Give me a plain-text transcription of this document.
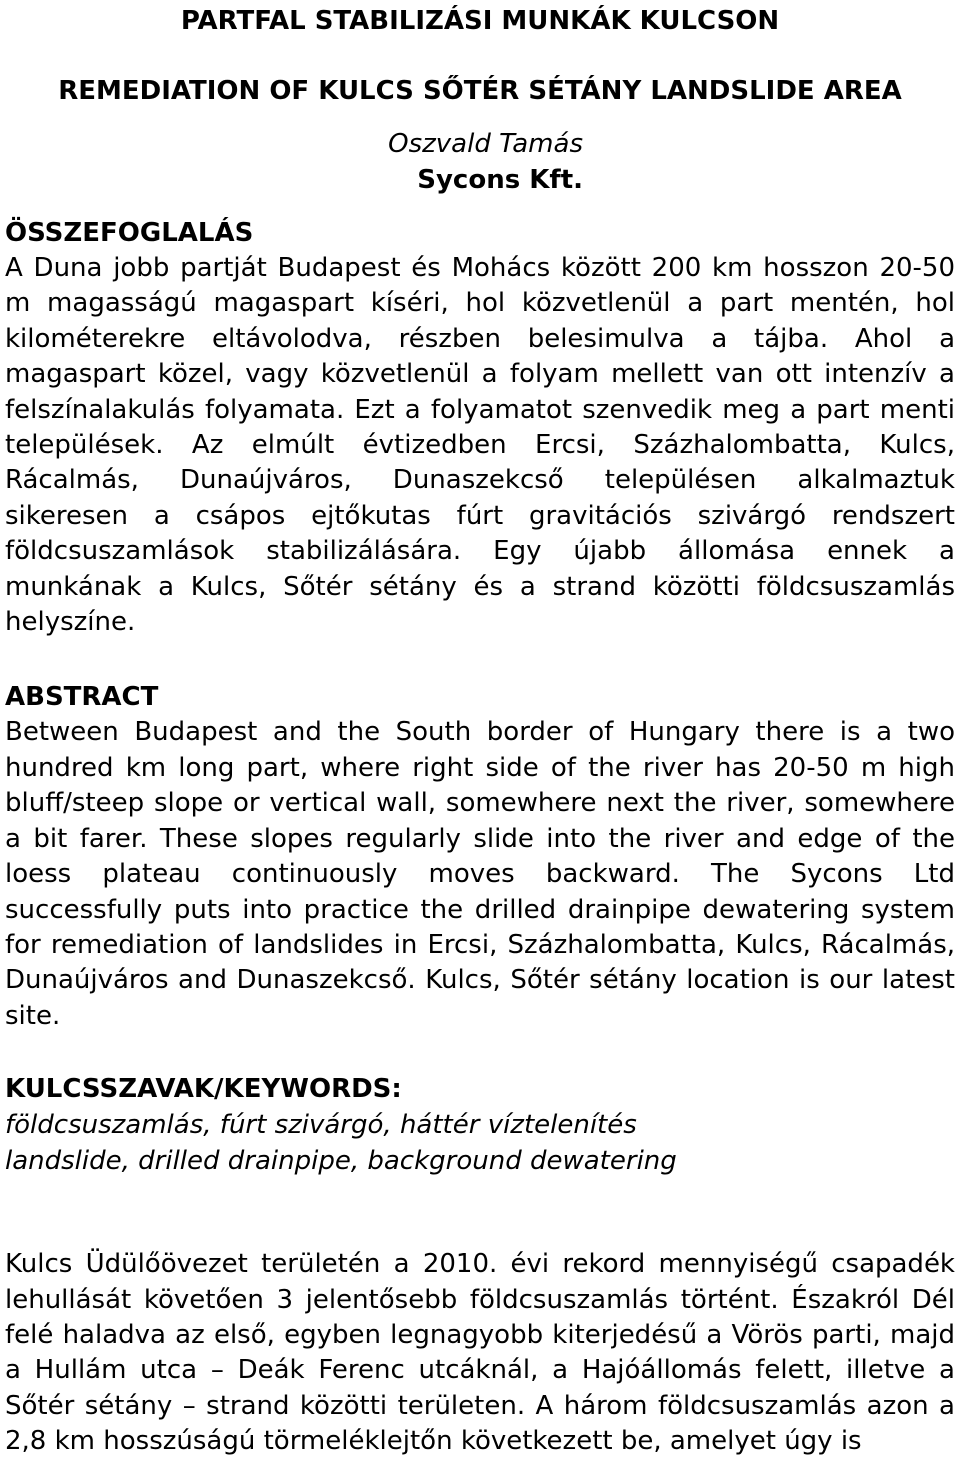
PARTFAL STABILIZÁSI MUNKÁK KULCSON
REMEDIATION OF KULCS SŐTÉR SÉTÁNY LANDSLIDE AREA
Oszvald Tamás
Sycons Kft.
ÖSSZEFOGLALÁS

A Duna jobb partját Budapest és Mohács között 200 km hosszon 20-50 m magasságú magaspart kíséri, hol közvetlenül a part mentén, hol kilométerekre eltávolodva, részben belesimulva a tájba. Ahol a magaspart közel, vagy közvetlenül a folyam mellett van ott intenzív a felszínalakulás folyamata. Ezt a folyamatot szenvedik meg a part menti települések. Az elmúlt évtizedben Ercsi, Százhalombatta, Kulcs, Rácalmás, Dunaújváros, Dunaszekcső településen alkalmaztuk sikeresen a csápos ejtőkutas fúrt gravitációs szivárgó rendszert földcsuszamlások stabilizálására. Egy újabb állomása ennek a munkának a Kulcs, Sőtér sétány és a strand közötti földcsuszamlás helyszíne.

ABSTRACT

Between Budapest and the South border of Hungary there is a two hundred km long part, where right side of the river has 20-50 m high bluff/steep slope or vertical wall, somewhere next the river, somewhere a bit farer. These slopes regularly slide into the river and edge of the loess plateau continuously moves backward. The Sycons Ltd successfully puts into practice the drilled drainpipe dewatering system for remediation of landslides in Ercsi, Százhalombatta, Kulcs, Rácalmás, Dunaújváros and Dunaszekcső. Kulcs, Sőtér sétány location is our latest site.

KULCSSZAVAK/KEYWORDS:

földcsuszamlás, fúrt szivárgó, háttér víztelenítés

landslide, drilled drainpipe, background dewatering

Kulcs Üdülőövezet területén a 2010. évi rekord mennyiségű csapadék lehullását követően 3 jelentősebb földcsuszamlás történt. Északról Dél felé haladva az első, egyben legnagyobb kiterjedésű a Vörös parti, majd a Hullám utca – Deák Ferenc utcáknál, a Hajóállomás felett, illetve a Sőtér sétány – strand közötti területen. A három földcsuszamlás azon a 2,8 km hosszúságú törmeléklejtőn következett be, amelyet úgy is
